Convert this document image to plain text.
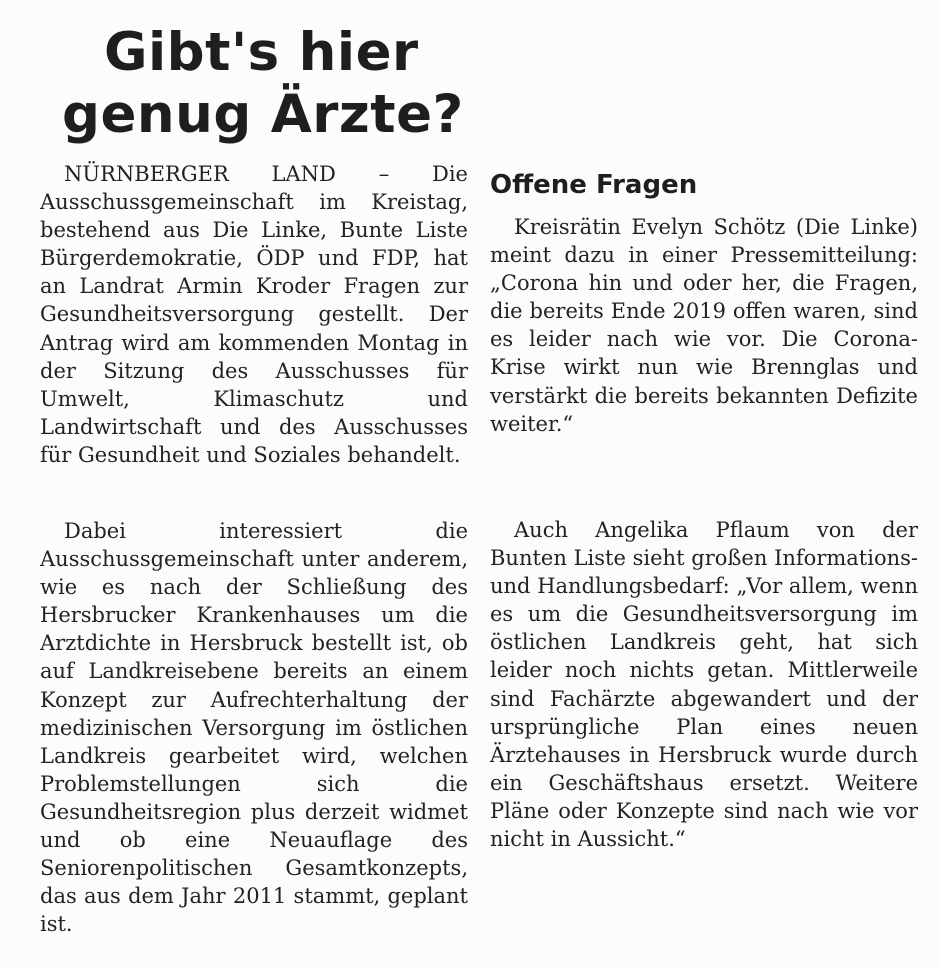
Gibt's hier
genug Ärzte?

NÜRNBERGER LAND – Die Ausschussgemeinschaft im Kreistag, bestehend aus Die Linke, Bunte Liste Bürgerdemokratie, ÖDP und FDP, hat an Landrat Armin Kroder Fragen zur Gesundheitsversorgung gestellt. Der Antrag wird am kommenden Montag in der Sitzung des Ausschusses für Umwelt, Klimaschutz und Landwirtschaft und des Ausschusses für Gesundheit und Soziales behandelt.

Dabei interessiert die Ausschussgemeinschaft unter anderem, wie es nach der Schließung des Hersbrucker Krankenhauses um die Arztdichte in Hersbruck bestellt ist, ob auf Landkreisebene bereits an einem Konzept zur Aufrechterhaltung der medizinischen Versorgung im östlichen Landkreis gearbeitet wird, welchen Problemstellungen sich die Gesundheitsregion plus derzeit widmet und ob eine Neuauflage des Seniorenpolitischen Gesamtkonzepts, das aus dem Jahr 2011 stammt, geplant ist.

Offene Fragen

Kreisrätin Evelyn Schötz (Die Linke) meint dazu in einer Pressemitteilung: „Corona hin und oder her, die Fragen, die bereits Ende 2019 offen waren, sind es leider nach wie vor. Die Corona-Krise wirkt nun wie Brennglas und verstärkt die bereits bekannten Defizite weiter.“

Auch Angelika Pflaum von der Bunten Liste sieht großen Informations- und Handlungsbedarf: „Vor allem, wenn es um die Gesundheitsversorgung im östlichen Landkreis geht, hat sich leider noch nichts getan. Mittlerweile sind Fachärzte abgewandert und der ursprüngliche Plan eines neuen Ärztehauses in Hersbruck wurde durch ein Geschäftshaus ersetzt. Weitere Pläne oder Konzepte sind nach wie vor nicht in Aussicht.“
